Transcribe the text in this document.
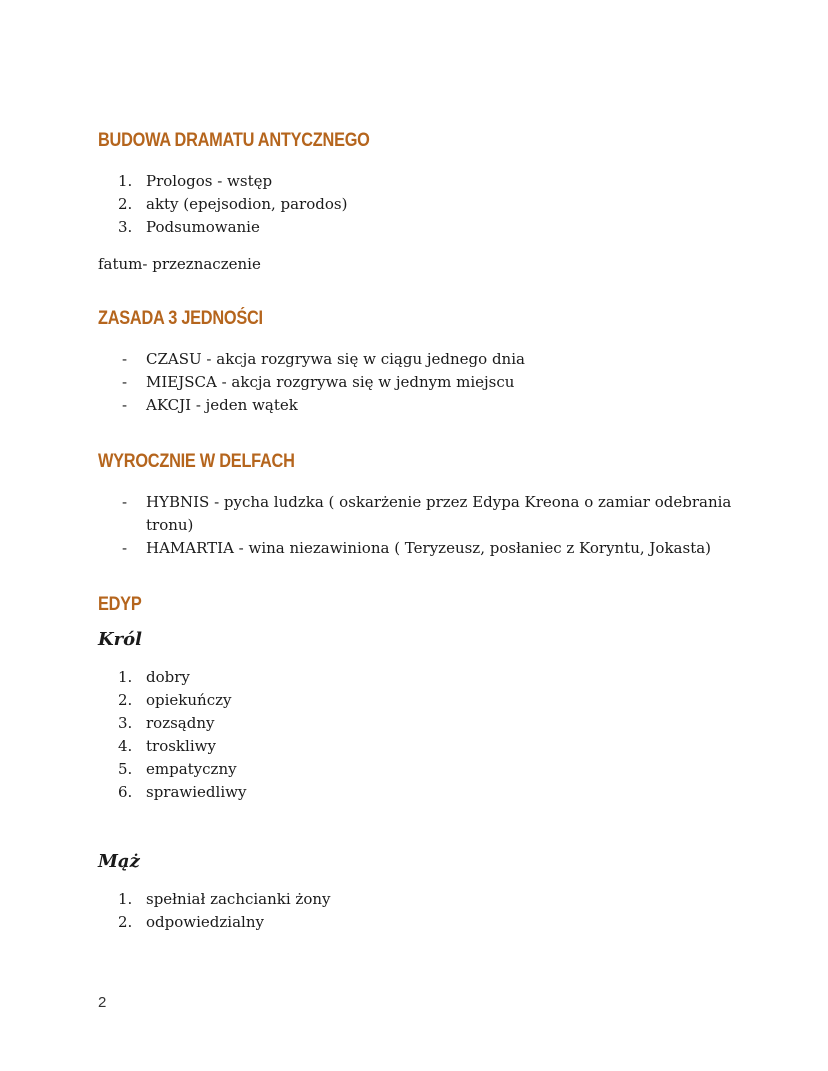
BUDOWA DRAMATU ANTYCZNEGO
1. Prologos - wstęp
2. akty (epejsodion, parodos)
3. Podsumowanie

fatum- przeznaczenie

ZASADA 3 JEDNOŚCI
-	CZASU - akcja rozgrywa się w ciągu jednego dnia
-	MIEJSCA - akcja rozgrywa się w jednym miejscu
-	AKCJI - jeden wątek
WYROCZNIE W DELFACH
-	HYBNIS - pycha ludzka ( oskarżenie przez Edypa Kreona o zamiar odebrania tronu)
-	HAMARTIA - wina niezawiniona ( Teryzeusz, posłaniec z Koryntu, Jokasta)
EDYP
Król
1. dobry
2. opiekuńczy
3. rozsądny
4. troskliwy
5. empatyczny
6. sprawiedliwy
Mąż
1. spełniał zachcianki żony
2. odpowiedzialny
2
